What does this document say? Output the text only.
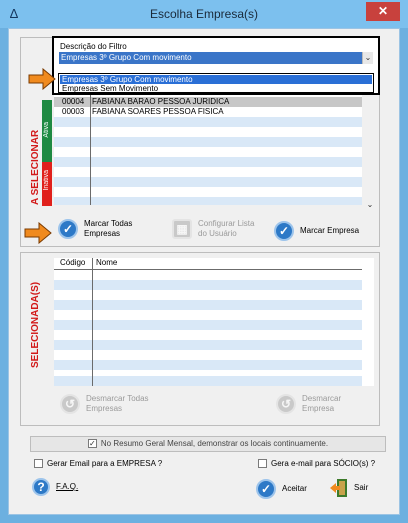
Δ	Escolha Empresa(s)	✕
A SELECIONAR
Ativa
Inativa
00004 FABIANA BARAO PESSOA JURIDICA
00003 FABIANA SOARES PESSOA FISICA
⌄
Descrição do Filtro
Empresas 3º Grupo Com movimento	⌄
Empresas 3º Grupo Com movimento
Empresas Sem Movimento
✓	Marcar Todas
Empresas	▦	Configurar Lista
do Usuário	✓	Marcar Empresa
SELECIONADA(S)
Código Nome
↺	Desmarcar Todas
Empresas	↺	Desmarcar
Empresa
✓ No Resumo Geral Mensal, demonstrar os locais continuamente.
Gerar Email para a EMPRESA ?	Gera e-mail para SÓCIO(s) ?
?	F.A.Q.	✓	Aceitar	Sair
